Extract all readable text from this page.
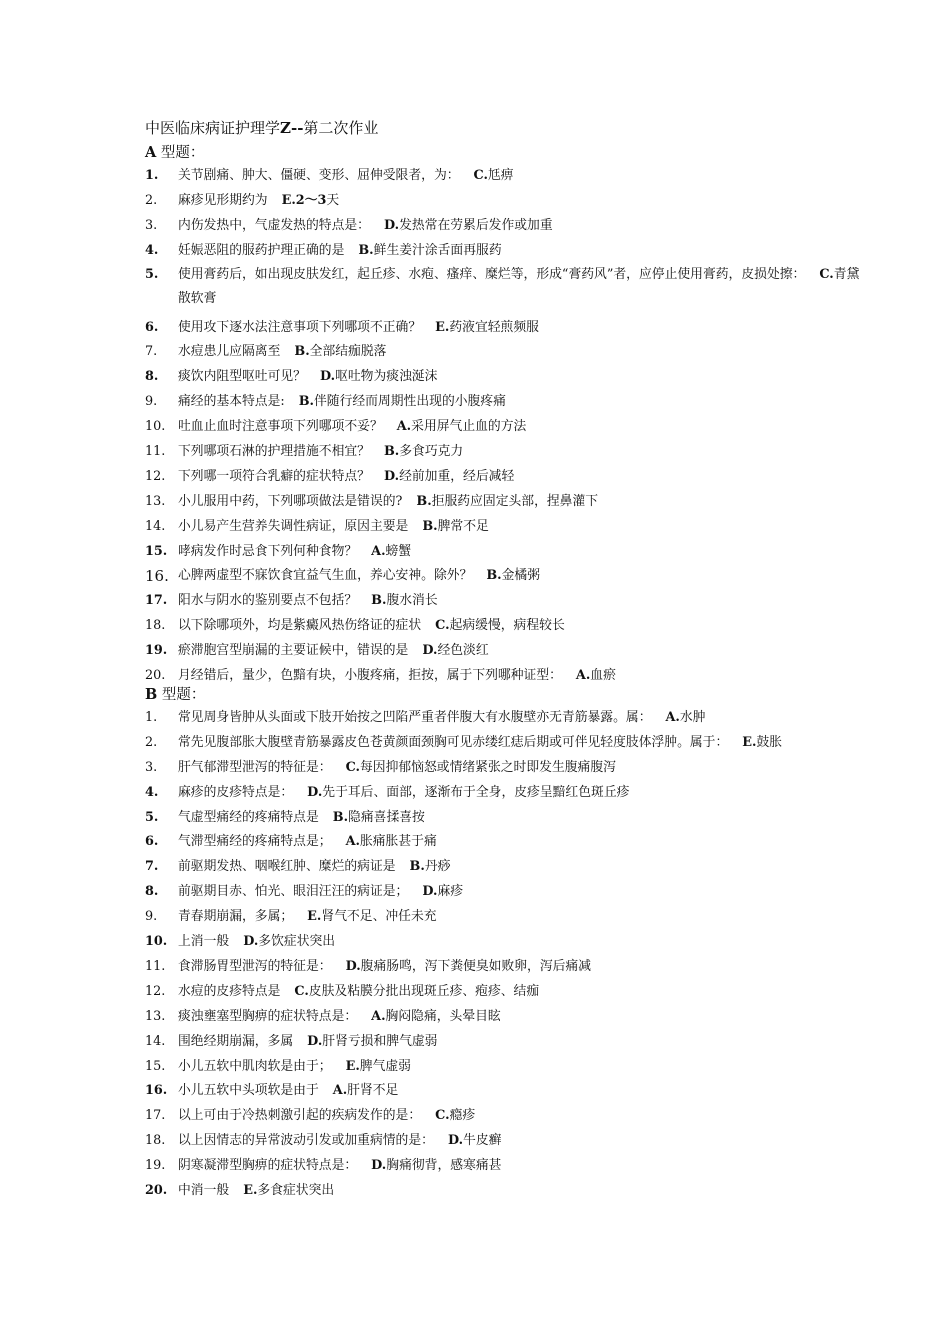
中医临床病证护理学Z--第二次作业
A 型题：
1. 关节剧痛、肿大、僵硬、变形、屈伸受限者，为： C.尪痹
2. 麻疹见形期约为 E.2～3天
3. 内伤发热中，气虚发热的特点是： D.发热常在劳累后发作或加重
4. 妊娠恶阻的服药护理正确的是 B.鲜生姜汁涂舌面再服药
5. 使用膏药后，如出现皮肤发红，起丘疹、水疱、瘙痒、糜烂等，形成“膏药风”者，应停止使用膏药，皮损处擦： C.青黛散软膏
6. 使用攻下逐水法注意事项下列哪项不正确？ E.药液宜轻煎频服
7. 水痘患儿应隔离至 B.全部结痂脱落
8. 痰饮内阻型呕吐可见？ D.呕吐物为痰浊涎沫
9. 痛经的基本特点是: B.伴随行经而周期性出现的小腹疼痛
10. 吐血止血时注意事项下列哪项不妥？ A.采用屏气止血的方法
11. 下列哪项石淋的护理措施不相宜？ B.多食巧克力
12. 下列哪一项符合乳癖的症状特点？ D.经前加重，经后减轻
13. 小儿服用中药，下列哪项做法是错误的? B.拒服药应固定头部，捏鼻灌下
14. 小儿易产生营养失调性病证，原因主要是 B.脾常不足
15. 哮病发作时忌食下列何种食物？ A.螃蟹
16. 心脾两虚型不寐饮食宜益气生血，养心安神。除外？ B.金橘粥
17. 阳水与阴水的鉴别要点不包括？ B.腹水消长
18. 以下除哪项外，均是紫癜风热伤络证的症状 C.起病缓慢，病程较长
19. 瘀滞胞宫型崩漏的主要证候中，错误的是 D.经色淡红
20. 月经错后，量少，色黯有块，小腹疼痛，拒按，属于下列哪种证型： A.血瘀
B 型题：
1. 常见周身皆肿从头面或下肢开始按之凹陷严重者伴腹大有水腹壁亦无青筋暴露。属： A.水肿
2. 常先见腹部胀大腹壁青筋暴露皮色苍黄颜面颈胸可见赤缕红痣后期或可伴见轻度肢体浮肿。属于： E.鼓胀
3. 肝气郁滞型泄泻的特征是： C.每因抑郁恼怒或情绪紧张之时即发生腹痛腹泻
4. 麻疹的皮疹特点是： D.先于耳后、面部，逐渐布于全身，皮疹呈黯红色斑丘疹
5. 气虚型痛经的疼痛特点是 B.隐痛喜揉喜按
6. 气滞型痛经的疼痛特点是； A.胀痛胀甚于痛
7. 前驱期发热、咽喉红肿、糜烂的病证是 B.丹痧
8. 前驱期目赤、怕光、眼泪汪汪的病证是； D.麻疹
9. 青春期崩漏，多属； E.肾气不足、冲任未充
10. 上消一般 D.多饮症状突出
11. 食滞肠胃型泄泻的特征是： D.腹痛肠鸣，泻下粪便臭如败卵，泻后痛减
12. 水痘的皮疹特点是 C.皮肤及粘膜分批出现斑丘疹、疱疹、结痂
13. 痰浊壅塞型胸痹的症状特点是： A.胸闷隐痛，头晕目眩
14. 围绝经期崩漏，多属 D.肝肾亏损和脾气虚弱
15. 小儿五软中肌肉软是由于； E.脾气虚弱
16. 小儿五软中头项软是由于 A.肝肾不足
17. 以上可由于冷热刺激引起的疾病发作的是： C.瘾疹
18. 以上因情志的异常波动引发或加重病情的是： D.牛皮癣
19. 阴寒凝滞型胸痹的症状特点是： D.胸痛彻背，感寒痛甚
20. 中消一般 E.多食症状突出
